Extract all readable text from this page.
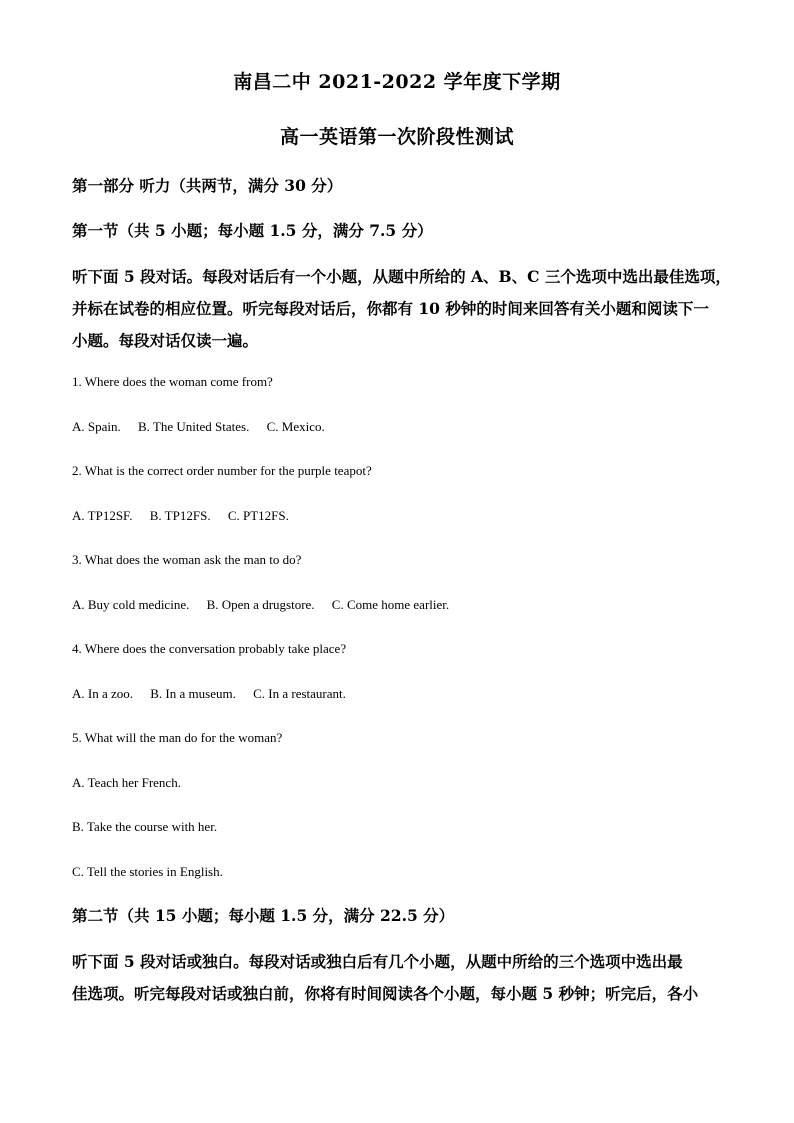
南昌二中 2021-2022 学年度下学期
高一英语第一次阶段性测试
第一部分 听力（共两节，满分 30 分）
第一节（共 5 小题；每小题 1.5 分，满分 7.5 分）
听下面 5 段对话。每段对话后有一个小题，从题中所给的 A、B、C 三个选项中选出最佳选项，
并标在试卷的相应位置。听完每段对话后，你都有 10 秒钟的时间来回答有关小题和阅读下一
小题。每段对话仅读一遍。
1. Where does the woman come from?
A. Spain. B. The United States. C. Mexico.
2. What is the correct order number for the purple teapot?
A. TP12SF. B. TP12FS. C. PT12FS.
3. What does the woman ask the man to do?
A. Buy cold medicine. B. Open a drugstore. C. Come home earlier.
4. Where does the conversation probably take place?
A. In a zoo. B. In a museum. C. In a restaurant.
5. What will the man do for the woman?
A. Teach her French.
B. Take the course with her.
C. Tell the stories in English.
第二节（共 15 小题；每小题 1.5 分，满分 22.5 分）
听下面 5 段对话或独白。每段对话或独白后有几个小题，从题中所给的三个选项中选出最
佳选项。听完每段对话或独白前，你将有时间阅读各个小题，每小题 5 秒钟；听完后，各小
